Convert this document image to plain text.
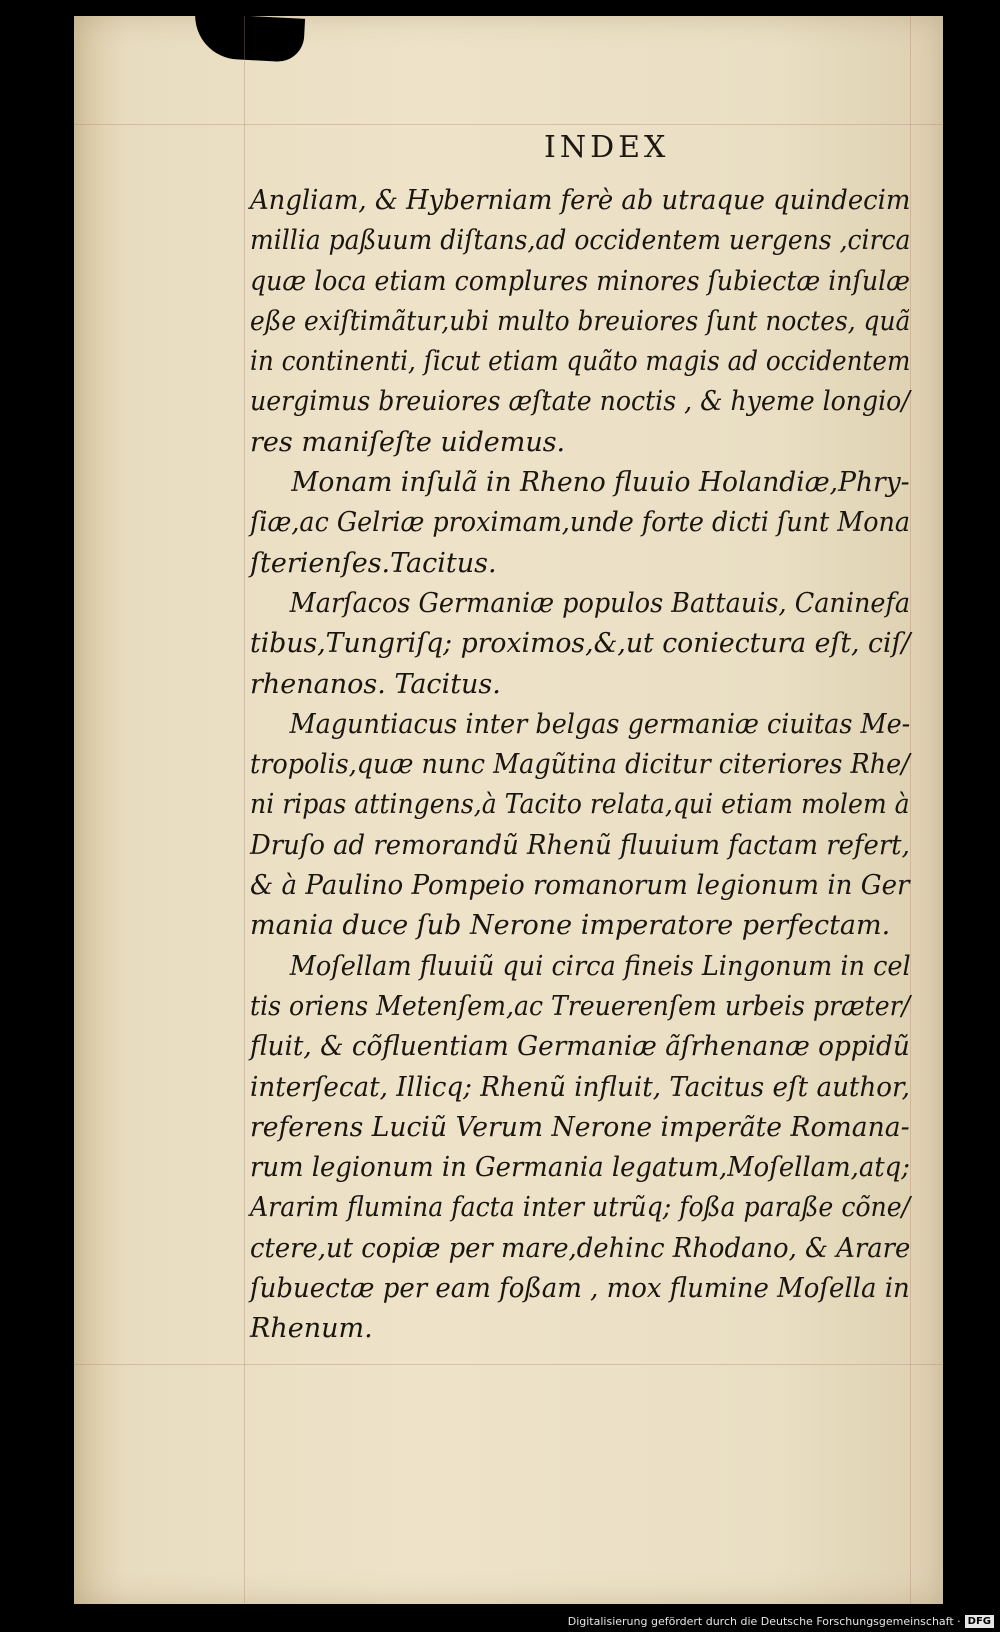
INDEX

Angliam, & Hyberniam ferè ab utraque quindecim
millia paßuum diſtans,ad occidentem uergens ,circa
quæ loca etiam complures minores ſubiectæ inſulæ
eße exiſtimãtur,ubi multo breuiores ſunt noctes, quã
in continenti, ſicut etiam quãto magis ad occidentem
uergimus breuiores æſtate noctis , & hyeme longio/
res maniſeſte uidemus.

Monam inſulã in Rheno fluuio Holandiæ,Phry-
ſiæ,ac Gelriæ proximam,unde forte dicti ſunt Mona
ſterienſes.Tacitus.

Marſacos Germaniæ populos Battauis, Caninefa
tibus,Tungriſq; proximos,&,ut coniectura eſt, ciſ/
rhenanos. Tacitus.

Maguntiacus inter belgas germaniæ ciuitas Me-
tropolis,quæ nunc Magũtina dicitur citeriores Rhe/
ni ripas attingens,à Tacito relata,qui etiam molem à
Druſo ad remorandũ Rhenũ fluuium factam refert,
& à Paulino Pompeio romanorum legionum in Ger
mania duce ſub Nerone imperatore perfectam.

Moſellam fluuiũ qui circa fineis Lingonum in cel
tis oriens Metenſem,ac Treuerenſem urbeis præter/
fluit, & cõfluentiam Germaniæ ãſrhenanæ oppidũ
interſecat, Illicq; Rhenũ influit, Tacitus eſt author,
referens Luciũ Verum Nerone imperãte Romana-
rum legionum in Germania legatum,Moſellam,atq;
Ararim flumina facta inter utrũq; foßa paraße cõne/
ctere,ut copiæ per mare,dehinc Rhodano, & Arare
ſubuectæ per eam foßam , mox flumine Moſella in
Rhenum.

Digitalisierung gefördert durch die Deutsche Forschungsgemeinschaft · DFG
